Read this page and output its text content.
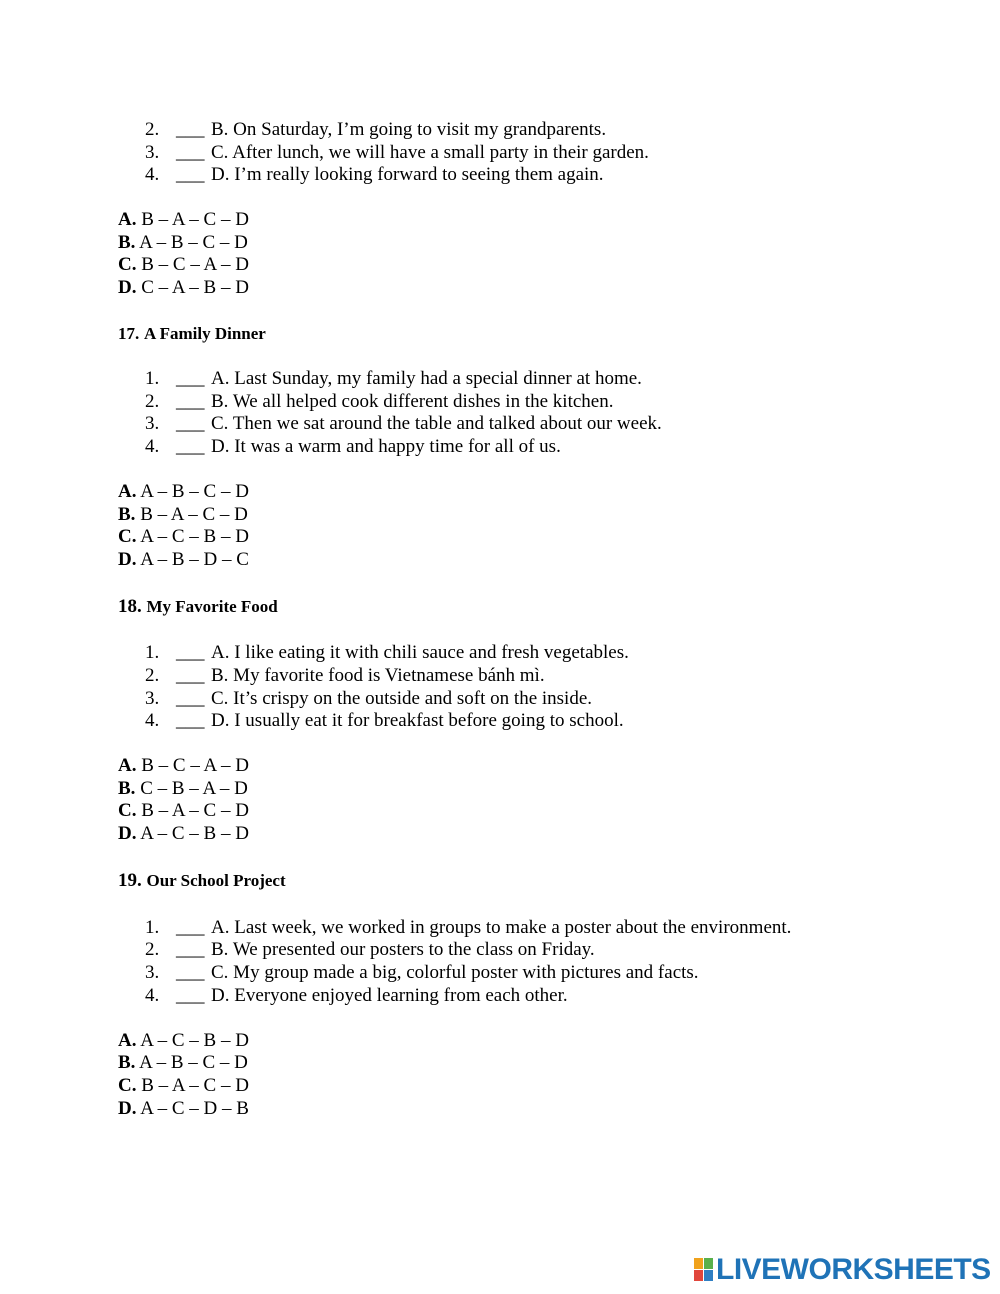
2. ___ B. On Saturday, I’m going to visit my grandparents.
3. ___ C. After lunch, we will have a small party in their garden.
4. ___ D. I’m really looking forward to seeing them again.
A. B – A – C – D
B. A – B – C – D
C. B – C – A – D
D. C – A – B – D
17. A Family Dinner
1. ___ A. Last Sunday, my family had a special dinner at home.
2. ___ B. We all helped cook different dishes in the kitchen.
3. ___ C. Then we sat around the table and talked about our week.
4. ___ D. It was a warm and happy time for all of us.
A. A – B – C – D
B. B – A – C – D
C. A – C – B – D
D. A – B – D – C
18. My Favorite Food
1. ___ A. I like eating it with chili sauce and fresh vegetables.
2. ___ B. My favorite food is Vietnamese bánh mì.
3. ___ C. It’s crispy on the outside and soft on the inside.
4. ___ D. I usually eat it for breakfast before going to school.
A. B – C – A – D
B. C – B – A – D
C. B – A – C – D
D. A – C – B – D
19. Our School Project
1. ___ A. Last week, we worked in groups to make a poster about the environment.
2. ___ B. We presented our posters to the class on Friday.
3. ___ C. My group made a big, colorful poster with pictures and facts.
4. ___ D. Everyone enjoyed learning from each other.
A. A – C – B – D
B. A – B – C – D
C. B – A – C – D
D. A – C – D – B
LIVEWORKSHEETS
